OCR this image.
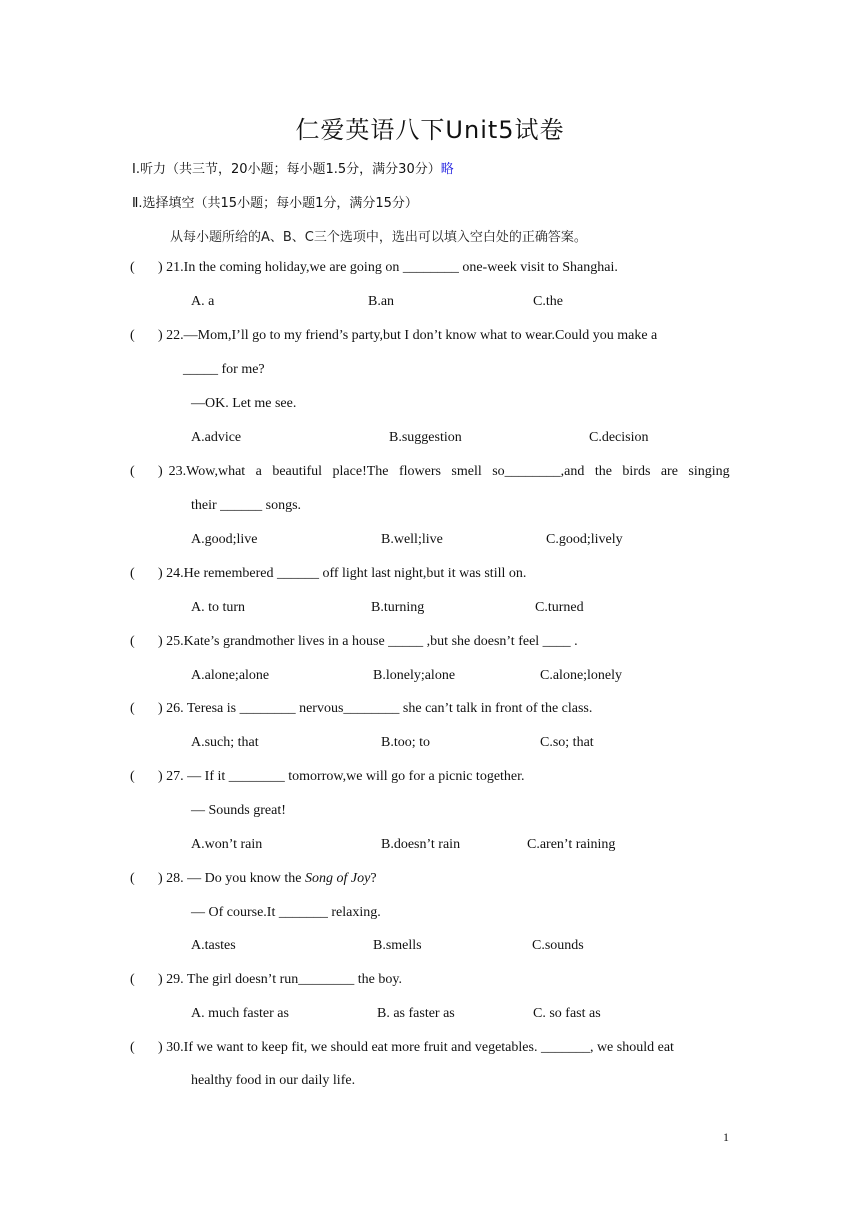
仁爱英语八下Unit5试卷
Ⅰ.听力（共三节，20小题；每小题1.5分，满分30分）略
Ⅱ.选择填空（共15小题；每小题1分，满分15分）
从每小题所给的A、B、C三个选项中，选出可以填入空白处的正确答案。
( ) 21.In the coming holiday,we are going on ________ one-week visit to Shanghai.
A. a	B.an	C.the
( ) 22.—Mom,I’ll go to my friend’s party,but I don’t know what to wear.Could you make a
_____ for me?
—OK. Let me see.
A.advice	B.suggestion	C.decision
(	) 23.Wow,what a beautiful place!The flowers smell so________,and the birds are singing
their ______ songs.
A.good;live	B.well;live	C.good;lively
( ) 24.He remembered ______ off light last night,but it was still on.
A. to turn	B.turning	C.turned
( ) 25.Kate’s grandmother lives in a house _____ ,but she doesn’t feel ____ .
A.alone;alone	B.lonely;alone	C.alone;lonely
( ) 26. Teresa is ________ nervous________ she can’t talk in front of the class.
A.such; that	B.too; to	C.so; that
( ) 27. — If it ________ tomorrow,we will go for a picnic together.
— Sounds great!
A.won’t rain	B.doesn’t rain	C.aren’t raining
( ) 28. — Do you know the Song of Joy?
— Of course.It _______ relaxing.
A.tastes	B.smells	C.sounds
( ) 29. The girl doesn’t run________ the boy.
A. much faster as	B. as faster as	C. so fast as
( ) 30.If we want to keep fit, we should eat more fruit and vegetables. _______, we should eat
healthy food in our daily life.
1
